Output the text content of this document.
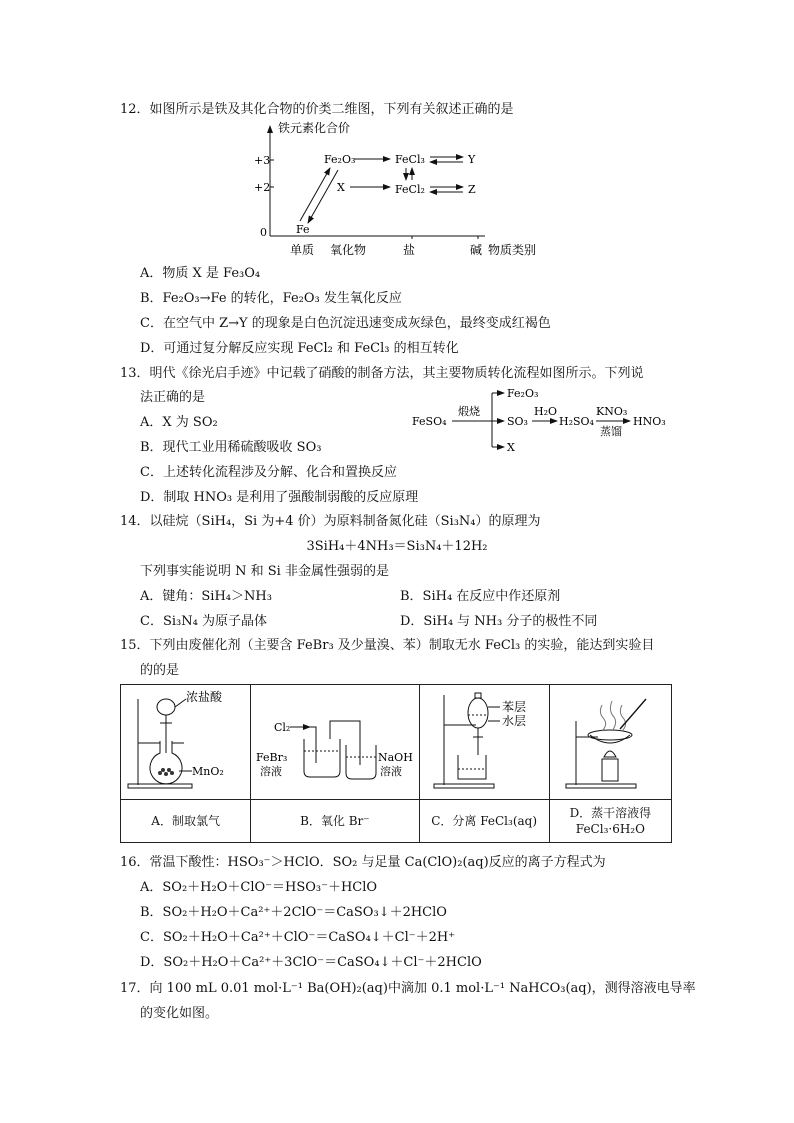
12．如图所示是铁及其化合物的价类二维图，下列有关叙述正确的是
铁元素化合价
+3
+2
0
单质 氧化物	盐	碱 物质类别
Fe
Fe₂O₃
X
FeCl₃
FeCl₂
Y
Z
A．物质 X 是 Fe₃O₄
B．Fe₂O₃→Fe 的转化，Fe₂O₃ 发生氧化反应
C．在空气中 Z→Y 的现象是白色沉淀迅速变成灰绿色，最终变成红褐色
D．可通过复分解反应实现 FeCl₂ 和 FeCl₃ 的相互转化
13．明代《徐光启手迹》中记载了硝酸的制备方法，其主要物质转化流程如图所示。下列说
法正确的是
A．X 为 SO₂
B．现代工业用稀硫酸吸收 SO₃
C．上述转化流程涉及分解、化合和置换反应
D．制取 HNO₃ 是利用了强酸制弱酸的反应原理
FeSO₄
煅烧
Fe₂O₃
SO₃
X
H₂O
H₂SO₄
KNO₃
蒸馏
HNO₃
14．以硅烷（SiH₄，Si 为+4 价）为原料制备氮化硅（Si₃N₄）的原理为
3SiH₄＋4NH₃＝Si₃N₄＋12H₂
下列事实能说明 N 和 Si 非金属性强弱的是
A．键角：SiH₄＞NH₃	B．SiH₄ 在反应中作还原剂
C．Si₃N₄ 为原子晶体	D．SiH₄ 与 NH₃ 分子的极性不同
15．下列由废催化剂（主要含 FeBr₃ 及少量溴、苯）制取无水 FeCl₃ 的实验，能达到实验目
的的是
浓盐酸
MnO₂	Cl₂
FeBr₃
溶液
NaOH
溶液	苯层
水层

A．制取氯气	B．氧化 Br⁻	C．分离 FeCl₃(aq)	D．蒸干溶液得
FeCl₃·6H₂O
16．常温下酸性：HSO₃⁻＞HClO．SO₂ 与足量 Ca(ClO)₂(aq)反应的离子方程式为
A．SO₂＋H₂O＋ClO⁻＝HSO₃⁻＋HClO
B．SO₂＋H₂O＋Ca²⁺＋2ClO⁻＝CaSO₃↓＋2HClO
C．SO₂＋H₂O＋Ca²⁺＋ClO⁻＝CaSO₄↓＋Cl⁻＋2H⁺
D．SO₂＋H₂O＋Ca²⁺＋3ClO⁻＝CaSO₄↓＋Cl⁻＋2HClO
17．向 100 mL 0.01 mol·L⁻¹ Ba(OH)₂(aq)中滴加 0.1 mol·L⁻¹ NaHCO₃(aq)，测得溶液电导率
的变化如图。
